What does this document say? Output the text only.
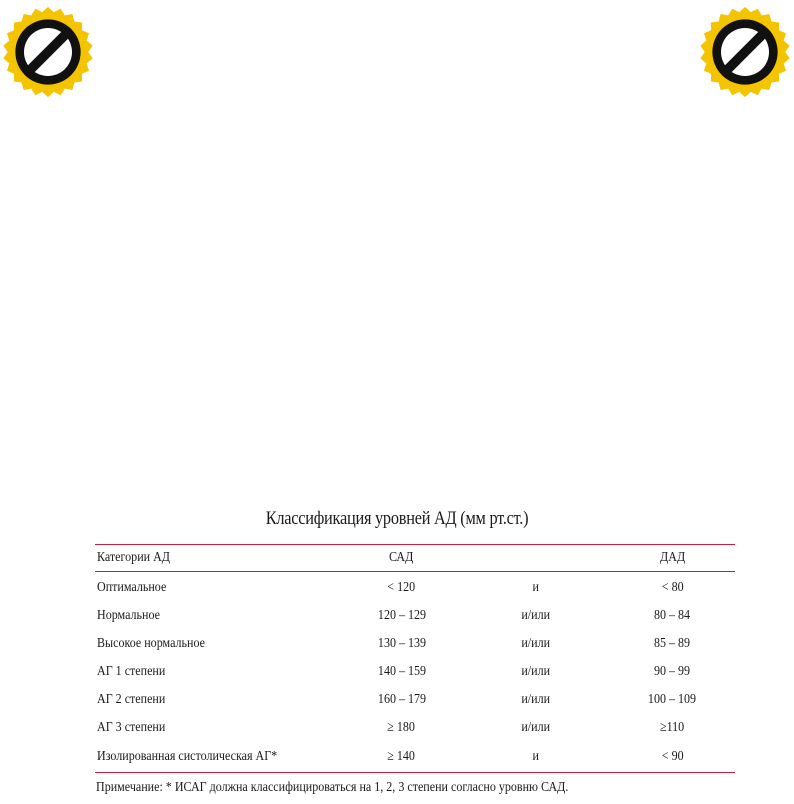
Классификация уровней АД (мм рт.ст.)
Категории АД	САД		ДАД
Оптимальное	< 120	и	< 80
Нормальное	120 – 129	и/или	80 – 84
Высокое нормальное	130 – 139	и/или	85 – 89
АГ 1 степени	140 – 159	и/или	90 – 99
АГ 2 степени	160 – 179	и/или	100 – 109
АГ 3 степени	≥ 180	и/или	≥110
Изолированная систолическая АГ*	≥ 140	и	< 90
Примечание: * ИСАГ должна классифицироваться на 1, 2, 3 степени согласно уровню САД.
